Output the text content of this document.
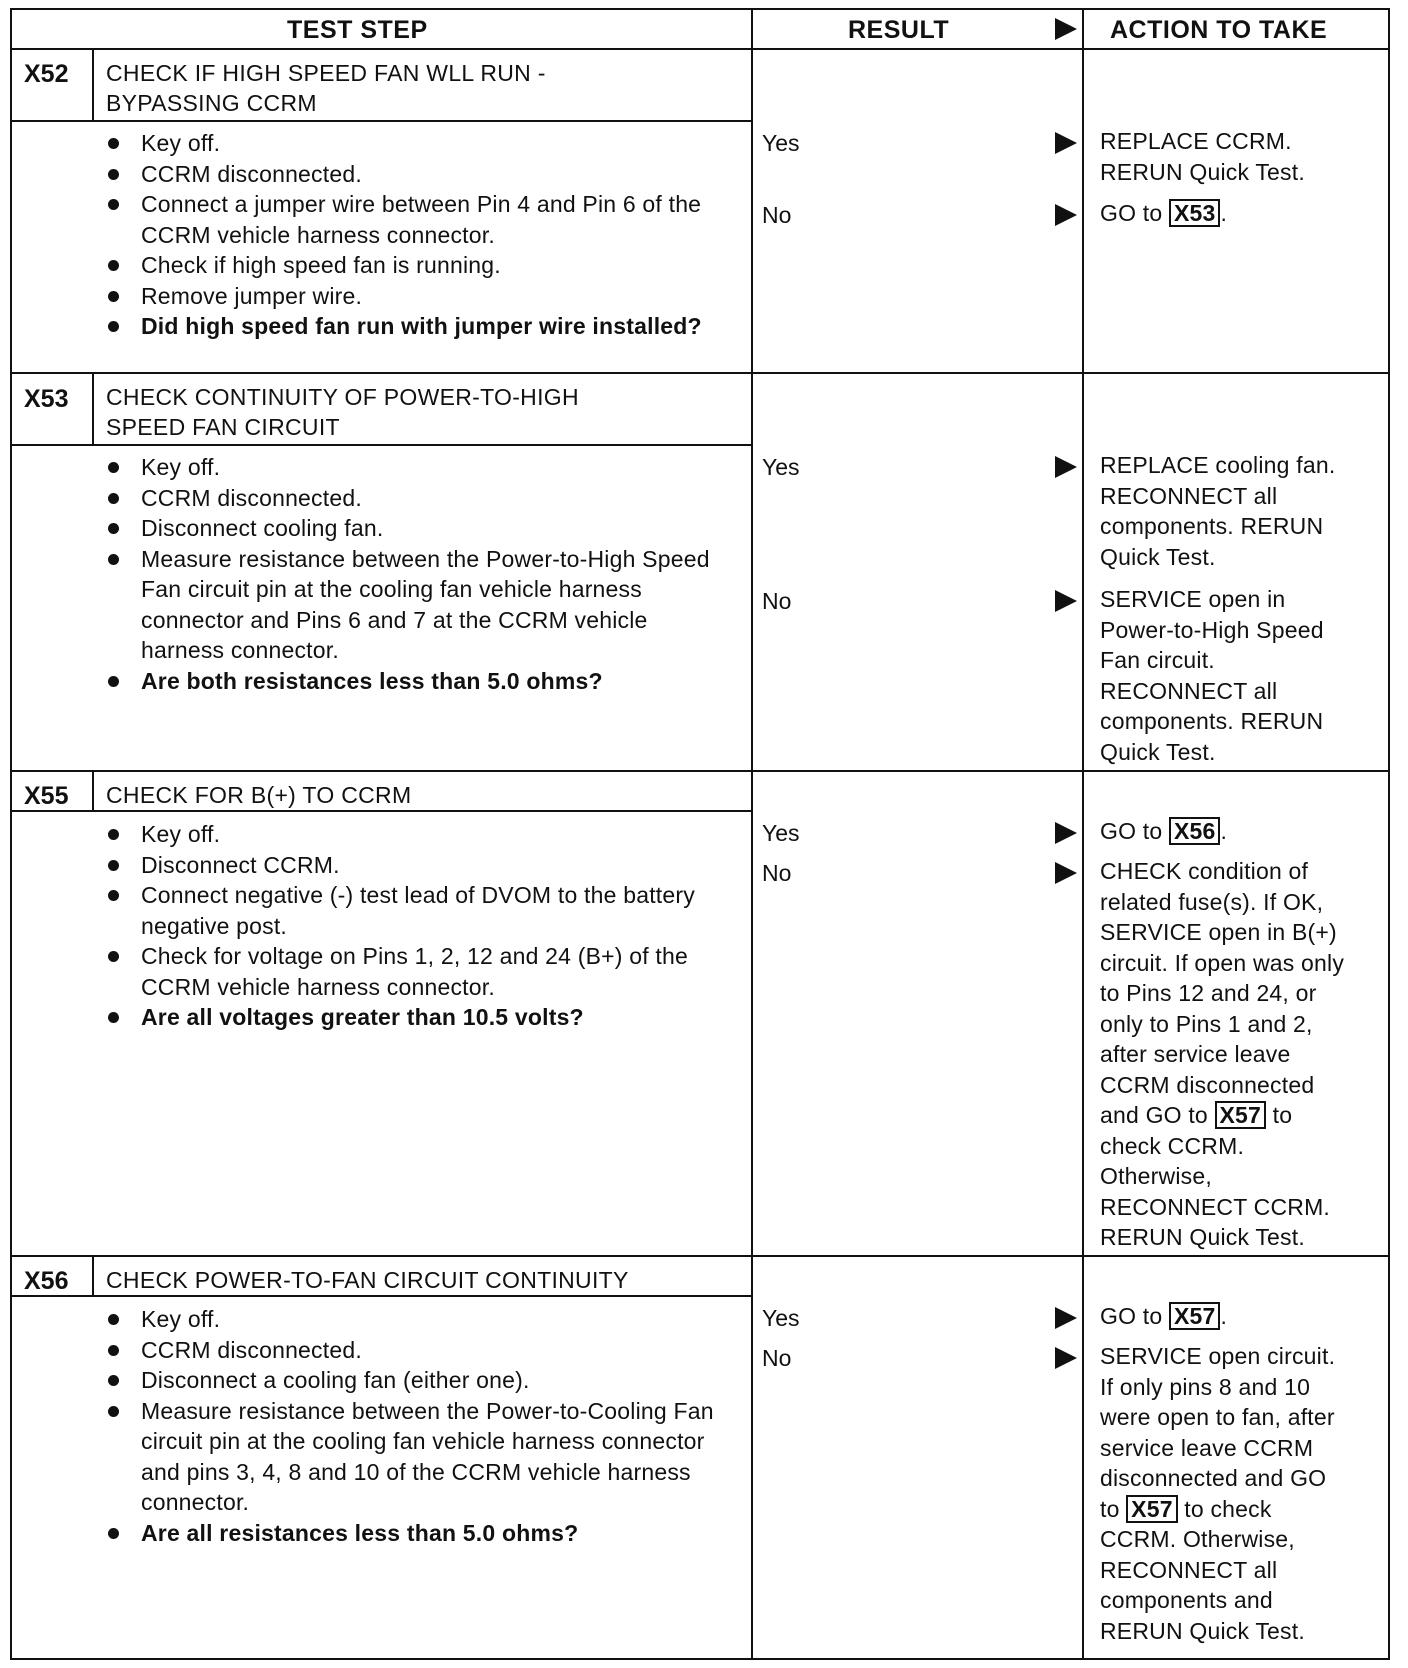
TEST STEP	RESULT	ACTION TO TAKE
X52 CHECK IF HIGH SPEED FAN WLL RUN -
BYPASSING CCRM
Key off.
CCRM disconnected.
Connect a jumper wire between Pin 4 and Pin 6 of the CCRM vehicle harness connector.
Check if high speed fan is running.
Remove jumper wire.
Did high speed fan run with jumper wire installed?
Yes	REPLACE CCRM.
RERUN Quick Test.
No	GO to X53 .
X53 CHECK CONTINUITY OF POWER-TO-HIGH
SPEED FAN CIRCUIT
Key off.
CCRM disconnected.
Disconnect cooling fan.
Measure resistance between the Power-to-High Speed Fan circuit pin at the cooling fan vehicle harness connector and Pins 6 and 7 at the CCRM vehicle harness connector.
Are both resistances less than 5.0 ohms?
Yes	REPLACE cooling fan.
RECONNECT all
components. RERUN
Quick Test.
No	SERVICE open in
Power-to-High Speed
Fan circuit.
RECONNECT all
components. RERUN
Quick Test.
X55 CHECK FOR B(+) TO CCRM
Key off.
Disconnect CCRM.
Connect negative (-) test lead of DVOM to the battery negative post.
Check for voltage on Pins 1, 2, 12 and 24 (B+) of the CCRM vehicle harness connector.
Are all voltages greater than 10.5 volts?
Yes	GO to X56 .
No	CHECK condition of
related fuse(s). If OK,
SERVICE open in B(+)
circuit. If open was only
to Pins 12 and 24, or
only to Pins 1 and 2,
after service leave
CCRM disconnected
and GO to X57 to
check CCRM.
Otherwise,
RECONNECT CCRM.
RERUN Quick Test.
X56 CHECK POWER-TO-FAN CIRCUIT CONTINUITY
Key off.
CCRM disconnected.
Disconnect a cooling fan (either one).
Measure resistance between the Power-to-Cooling Fan circuit pin at the cooling fan vehicle harness connector and pins 3, 4, 8 and 10 of the CCRM vehicle harness connector.
Are all resistances less than 5.0 ohms?
Yes	GO to X57 .
No	SERVICE open circuit.
If only pins 8 and 10
were open to fan, after
service leave CCRM
disconnected and GO
to X57 to check
CCRM. Otherwise,
RECONNECT all
components and
RERUN Quick Test.
